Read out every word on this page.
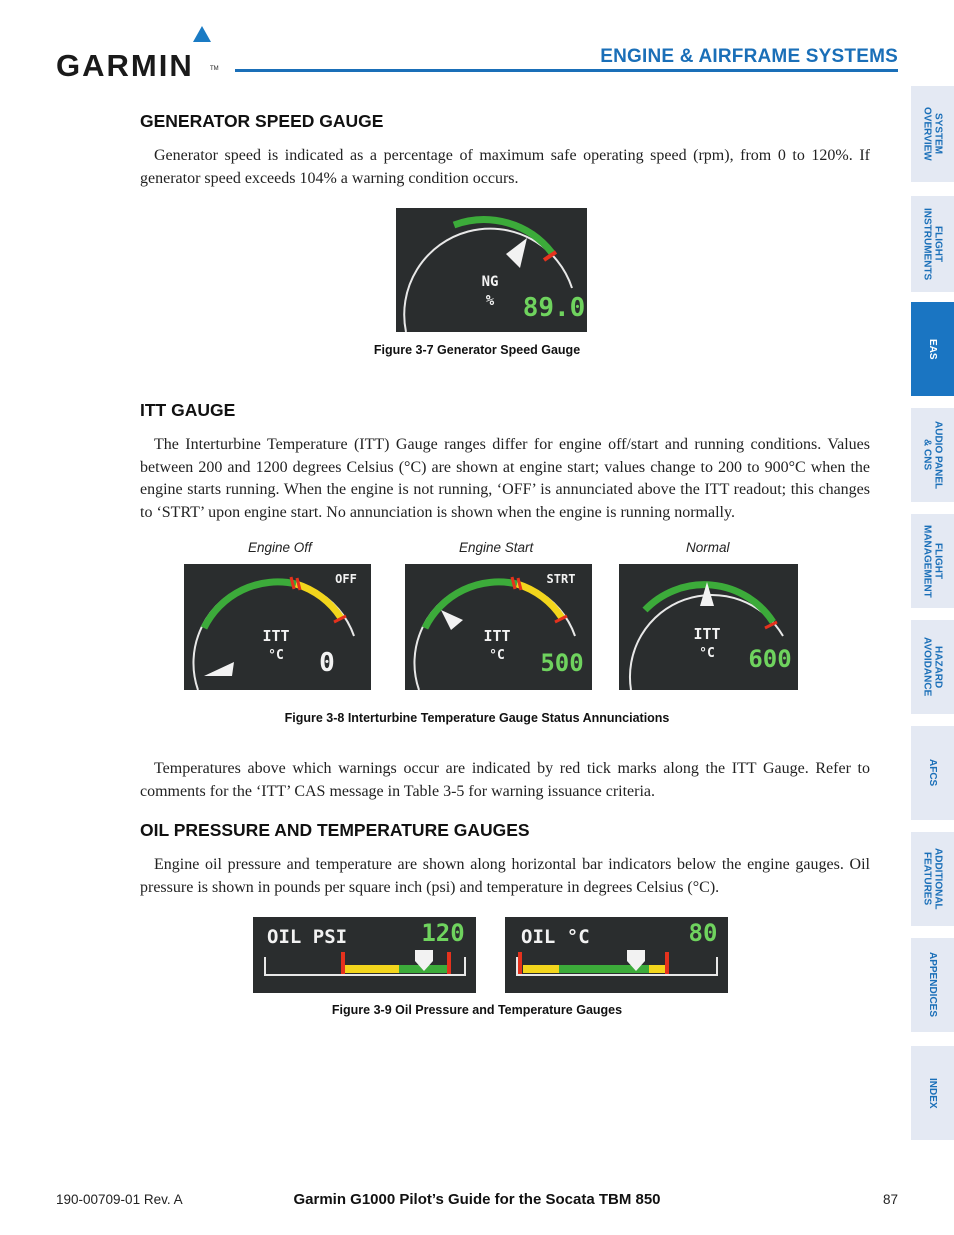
GARMIN	TM
ENGINE & AIRFRAME SYSTEMS
SYSTEM
OVERVIEW
FLIGHT
INSTRUMENTS
EAS
AUDIO PANEL
& CNS
FLIGHT
MANAGEMENT
HAZARD
AVOIDANCE
AFCS
ADDITIONAL
FEATURES
APPENDICES
INDEX
GENERATOR SPEED GAUGE
Generator speed is indicated as a percentage of maximum safe operating speed (rpm), from 0 to 120%. If generator speed exceeds 104% a warning condition occurs.
NG
% 89.0
Figure 3-7 Generator Speed Gauge
ITT GAUGE
The Interturbine Temperature (ITT) Gauge ranges differ for engine off/start and running conditions. Values between 200 and 1200 degrees Celsius (°C) are shown at engine start; values change to 200 to 900°C when the engine starts running. When the engine is not running, ‘OFF’ is annunciated above the ITT readout; this changes to ‘STRT’ upon engine start. No annunciation is shown when the engine is running normally.
Engine Off	Engine Start	Normal
OFF
ITT
°C 0
STRT
ITT
°C 500
ITT
°C 600
Figure 3-8 Interturbine Temperature Gauge Status Annunciations
Temperatures above which warnings occur are indicated by red tick marks along the ITT Gauge. Refer to comments for the ‘ITT’ CAS message in Table 3-5 for warning issuance criteria.
OIL PRESSURE AND TEMPERATURE GAUGES
Engine oil pressure and temperature are shown along horizontal bar indicators below the engine gauges. Oil pressure is shown in pounds per square inch (psi) and temperature in degrees Celsius (°C).
OIL PSI	120	OIL °C	80
Figure 3-9 Oil Pressure and Temperature Gauges
190-00709-01 Rev. A	Garmin G1000 Pilot’s Guide for the Socata TBM 850	87
